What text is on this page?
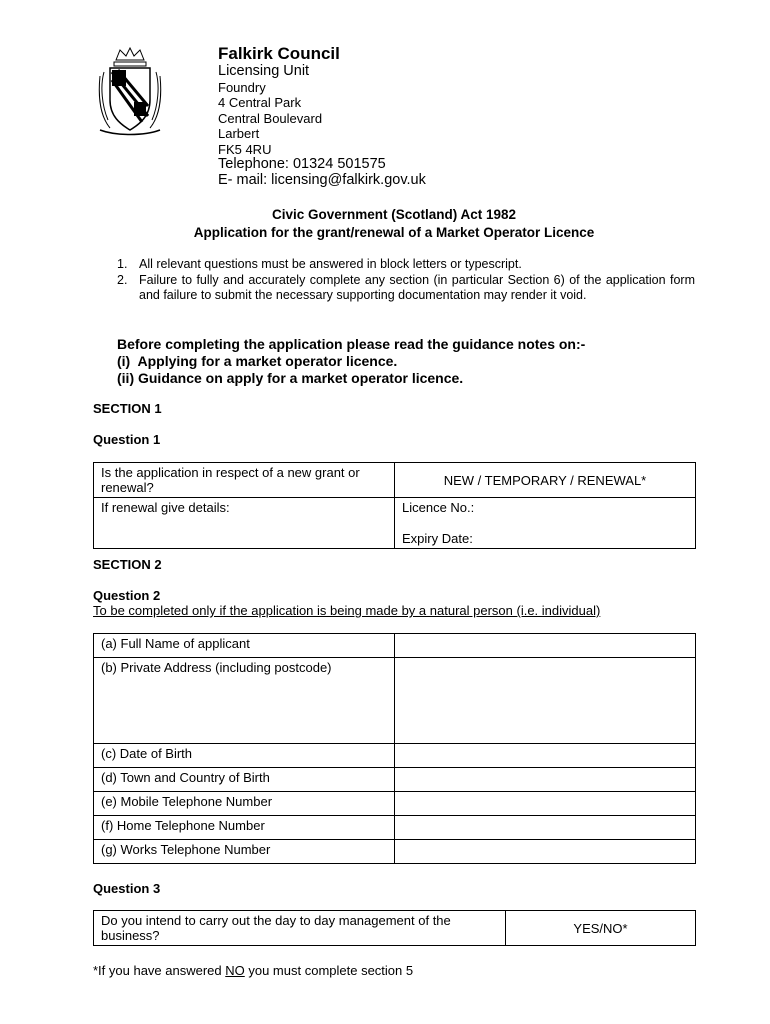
Falkirk Council
Licensing Unit
Foundry
4 Central Park
Central Boulevard
Larbert
FK5 4RU
Telephone: 01324 501575
E- mail: licensing@falkirk.gov.uk
Civic Government (Scotland) Act 1982
Application for the grant/renewal of a Market Operator Licence
1. All relevant questions must be answered in block letters or typescript.
2. Failure to fully and accurately complete any section (in particular Section 6) of the application form and failure to submit the necessary supporting documentation may render it void.
Before completing the application please read the guidance notes on:-
(i)  Applying for a market operator licence.
(ii) Guidance on apply for a market operator licence.
SECTION 1
Question 1
Is the application in respect of a new grant or renewal?	NEW / TEMPORARY / RENEWAL*
If renewal give details:	Licence No.:
Expiry Date:
SECTION 2
Question 2
To be completed only if the application is being made by a natural person (i.e. individual)
(a) Full Name of applicant	
(b) Private Address (including postcode)	
(c) Date of Birth	
(d) Town and Country of Birth	
(e) Mobile Telephone Number	
(f) Home Telephone Number	
(g) Works Telephone Number	
Question 3
Do you intend to carry out the day to day management of the business?	YES/NO*
*If you have answered NO you must complete section 5
